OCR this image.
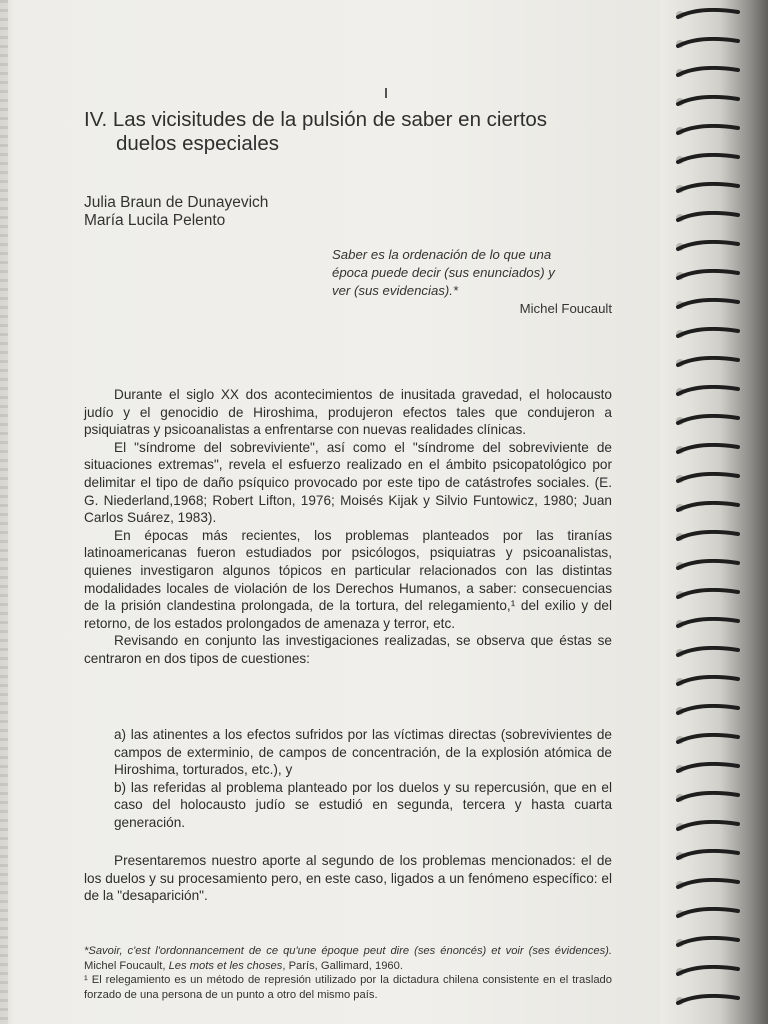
IV. Las vicisitudes de la pulsión de saber en ciertos
duelos especiales
Julia Braun de Dunayevich
María Lucila Pelento
Saber es la ordenación de lo que una
época puede decir (sus enunciados) y
ver (sus evidencias).*
Michel Foucault

Durante el siglo XX dos acontecimientos de inusitada gravedad, el holocausto judío y el genocidio de Hiroshima, produjeron efectos tales que condujeron a psiquiatras y psicoanalistas a enfrentarse con nuevas realidades clínicas.

El "síndrome del sobreviviente", así como el "síndrome del sobreviviente de situaciones extremas", revela el esfuerzo realizado en el ámbito psicopatológico por delimitar el tipo de daño psíquico provocado por este tipo de catástrofes sociales. (E. G. Niederland,1968; Robert Lifton, 1976; Moisés Kijak y Silvio Funtowicz, 1980; Juan Carlos Suárez, 1983).

En épocas más recientes, los problemas planteados por las tiranías latinoamericanas fueron estudiados por psicólogos, psiquiatras y psicoanalistas, quienes investigaron algunos tópicos en particular relacionados con las distintas modalidades locales de violación de los Derechos Humanos, a saber: consecuencias de la prisión clandestina prolongada, de la tortura, del relegamiento,¹ del exilio y del retorno, de los estados prolongados de amenaza y terror, etc.

Revisando en conjunto las investigaciones realizadas, se observa que éstas se centraron en dos tipos de cuestiones:

a) las atinentes a los efectos sufridos por las víctimas directas (sobrevivientes de campos de exterminio, de campos de concentración, de la explosión atómica de Hiroshima, torturados, etc.), y

b) las referidas al problema planteado por los duelos y su repercusión, que en el caso del holocausto judío se estudió en segunda, tercera y hasta cuarta generación.

Presentaremos nuestro aporte al segundo de los problemas mencionados: el de los duelos y su procesamiento pero, en este caso, ligados a un fenómeno específico: el de la "desaparición".

*Savoir, c'est l'ordonnancement de ce qu'une époque peut dire (ses énoncés) et voir (ses évidences). Michel Foucault, Les mots et les choses, París, Gallimard, 1960.

¹ El relegamiento es un método de represión utilizado por la dictadura chilena consistente en el traslado forzado de una persona de un punto a otro del mismo país.
